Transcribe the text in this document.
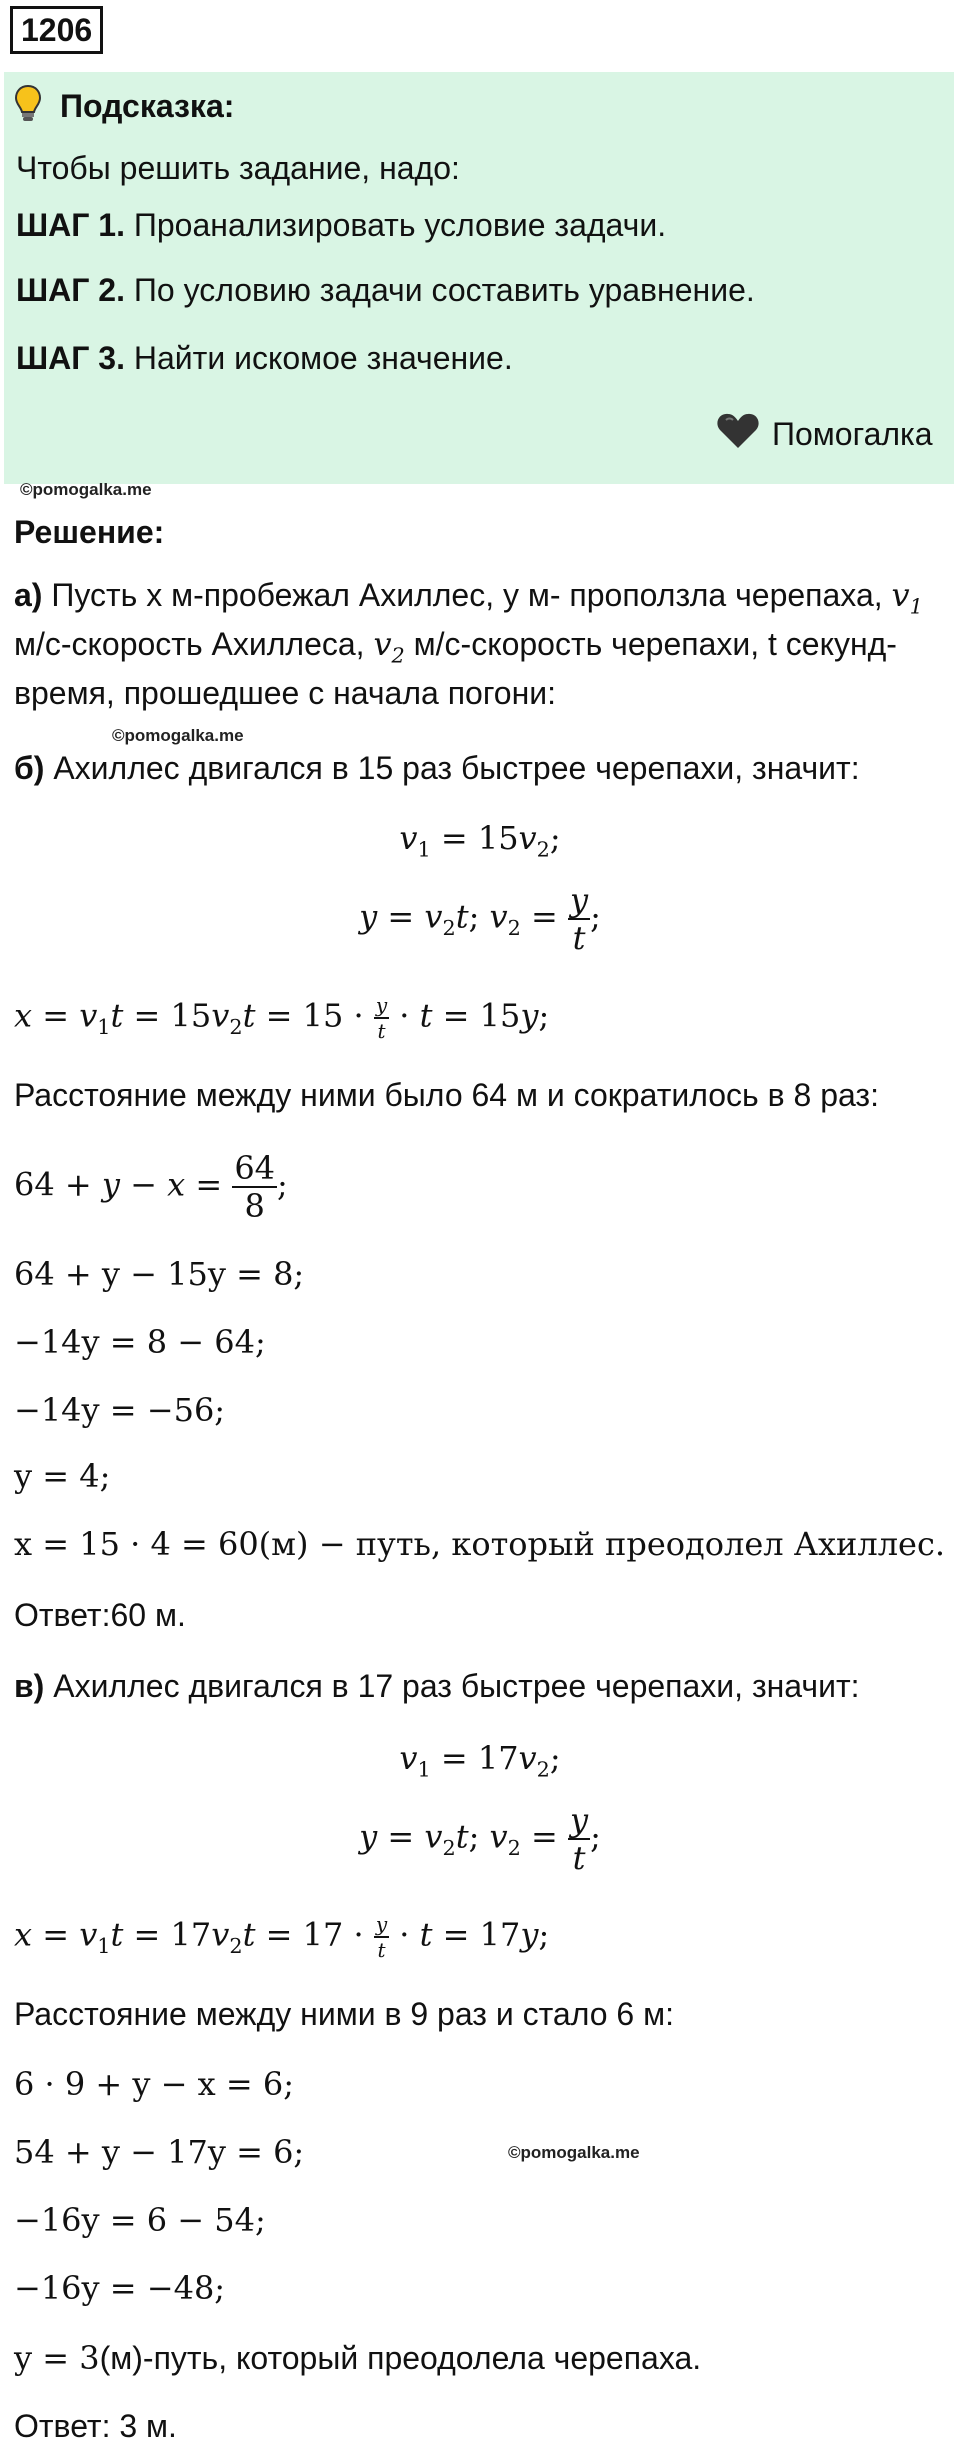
1206
Подсказка:
Чтобы решить задание, надо:
ШАГ 1. Проанализировать условие задачи.
ШАГ 2. По условию задачи составить уравнение.
ШАГ 3. Найти искомое значение.
Помогалка
©pomogalka.me
©pomogalka.me
©pomogalka.me
Решение:
а) Пусть х м-пробежал Ахиллес, у м- проползла черепаха, $v_1$
м/с-скорость Ахиллеса, $v_2$ м/с-скорость черепахи, t секунд-
время, прошедшее с начала погони:
б) Ахиллес двигался в 15 раз быстрее черепахи, значит:
$v_1 = 15v_2$;
$y = v_2t$; $v_2 = \frac{y}{t}$ ;
$x = v_1t = 15v_2t = 15 \cdot \frac{y}{t} \cdot t = 15y$;
Расстояние между ними было 64 м и сократилось в 8 раз:
$64 + y - x = \frac{64}{8}$ ;
64 + y − 15y = 8;
−14y = 8 − 64;
−14y = −56;
y = 4;
x = 15 · 4 = 60(м) − путь, который преодолел Ахиллес.
Ответ:60 м.
в) Ахиллес двигался в 17 раз быстрее черепахи, значит:
$v_1 = 17v_2$;
$y = v_2t$; $v_2 = \frac{y}{t}$ ;
$x = v_1t = 17v_2t = 17 \cdot \frac{y}{t} \cdot t = 17y$;
Расстояние между ними в 9 раз и стало 6 м:
6 · 9 + y − x = 6;
54 + y − 17y = 6;
−16y = 6 − 54;
−16y = −48;
y = 3(м)-путь, который преодолела черепаха.
Ответ: 3 м.
